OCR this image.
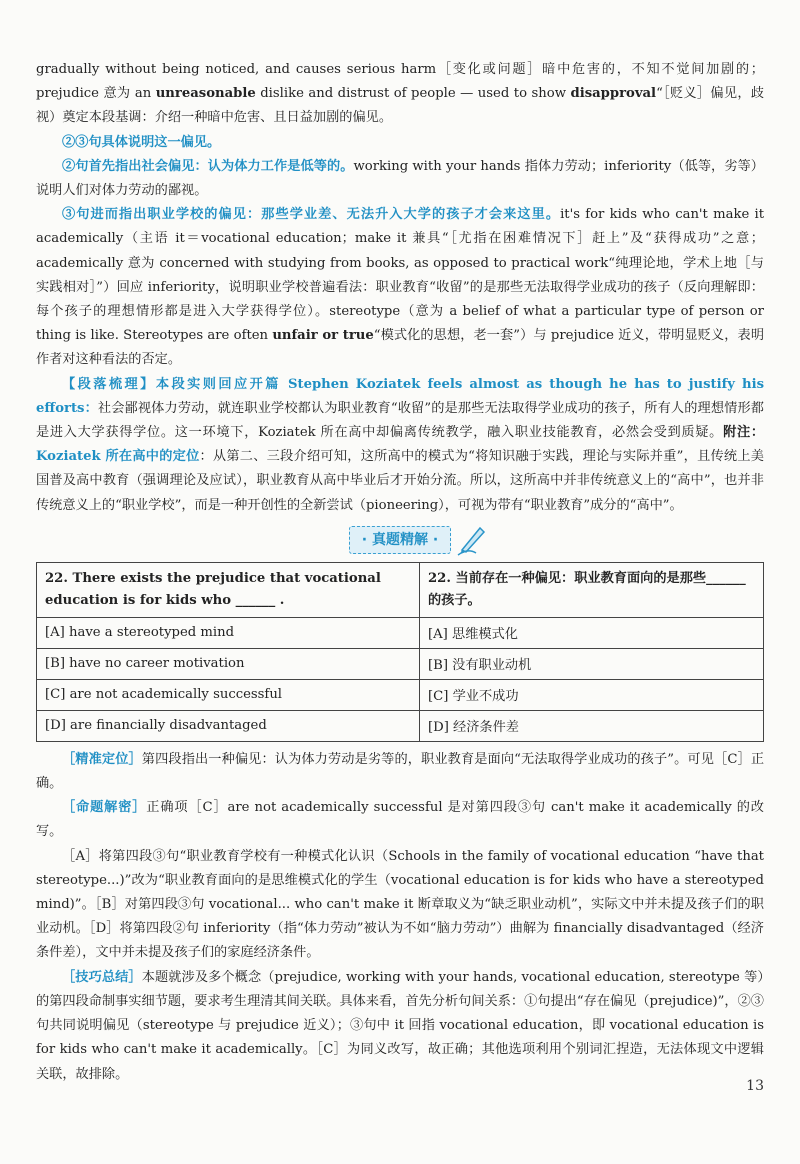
gradually without being noticed, and causes serious harm［变化或问题］暗中危害的，不知不觉间加剧的；prejudice 意为 an unreasonable dislike and distrust of people — used to show disapproval“［贬义］偏见，歧视）奠定本段基调：介绍一种暗中危害、且日益加剧的偏见。

②③句具体说明这一偏见。

②句首先指出社会偏见：认为体力工作是低等的。working with your hands 指体力劳动；inferiority（低等，劣等）说明人们对体力劳动的鄙视。

③句进而指出职业学校的偏见：那些学业差、无法升入大学的孩子才会来这里。it's for kids who can't make it academically（主语 it＝vocational education；make it 兼具“［尤指在困难情况下］赶上”及“获得成功”之意；academically 意为 concerned with studying from books, as opposed to practical work“纯理论地，学术上地［与实践相对］”）回应 inferiority，说明职业学校普遍看法：职业教育“收留”的是那些无法取得学业成功的孩子（反向理解即：每个孩子的理想情形都是进入大学获得学位）。stereotype（意为 a belief of what a particular type of person or thing is like. Stereotypes are often unfair or true“模式化的思想，老一套”）与 prejudice 近义，带明显贬义，表明作者对这种看法的否定。

【段落梳理】本段实则回应开篇 Stephen Koziatek feels almost as though he has to justify his efforts：社会鄙视体力劳动，就连职业学校都认为职业教育“收留”的是那些无法取得学业成功的孩子，所有人的理想情形都是进入大学获得学位。这一环境下，Koziatek 所在高中却偏离传统教学，融入职业技能教育，必然会受到质疑。附注：Koziatek 所在高中的定位：从第二、三段介绍可知，这所高中的模式为“将知识融于实践，理论与实际并重”，且传统上美国普及高中教育（强调理论及应试），职业教育从高中毕业后才开始分流。所以，这所高中并非传统意义上的“高中”，也并非传统意义上的“职业学校”，而是一种开创性的全新尝试（pioneering），可视为带有“职业教育”成分的“高中”。

· 真题精解 ·
22. There exists the prejudice that vocational education is for kids who ______ .	22. 当前存在一种偏见：职业教育面向的是那些______的孩子。
[A] have a stereotyped mind	[A] 思维模式化
[B] have no career motivation	[B] 没有职业动机
[C] are not academically successful	[C] 学业不成功
[D] are financially disadvantaged	[D] 经济条件差

［精准定位］第四段指出一种偏见：认为体力劳动是劣等的，职业教育是面向“无法取得学业成功的孩子”。可见［C］正确。

［命题解密］正确项［C］are not academically successful 是对第四段③句 can't make it academically 的改写。

［A］将第四段③句“职业教育学校有一种模式化认识（Schools in the family of vocational education “have that stereotype...)”改为“职业教育面向的是思维模式化的学生（vocational education is for kids who have a stereotyped mind)”。［B］对第四段③句 vocational... who can't make it 断章取义为“缺乏职业动机”，实际文中并未提及孩子们的职业动机。［D］将第四段②句 inferiority（指“体力劳动”被认为不如“脑力劳动”）曲解为 financially disadvantaged（经济条件差），文中并未提及孩子们的家庭经济条件。

［技巧总结］本题就涉及多个概念（prejudice, working with your hands, vocational education, stereotype 等）的第四段命制事实细节题，要求考生理清其间关联。具体来看，首先分析句间关系：①句提出“存在偏见（prejudice)”，②③句共同说明偏见（stereotype 与 prejudice 近义）；③句中 it 回指 vocational education，即 vocational education is for kids who can't make it academically。［C］为同义改写，故正确；其他选项利用个别词汇捏造，无法体现文中逻辑关联，故排除。

13
